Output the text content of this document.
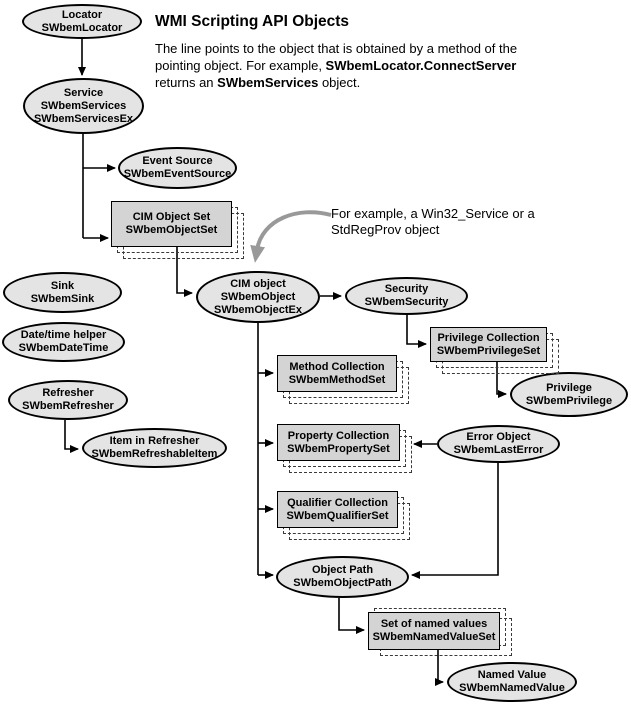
WMI Scripting API Objects
The line points to the object that is obtained by a method of the pointing object. For example, SWbemLocator.ConnectServer returns an SWbemServices object.
For example, a Win32_Service or a
StdRegProv object
Locator
SWbemLocator
Service
SWbemServices
SWbemServicesEx
Event Source
SWbemEventSource
Sink
SWbemSink
CIM object
SWbemObject
SWbemObjectEx
Security
SWbemSecurity
Date/time helper
SWbemDateTime
Refresher
SWbemRefresher
Privilege
SWbemPrivilege
Error Object
SWbemLastError
Item in Refresher
SWbemRefreshableItem
Object Path
SWbemObjectPath
Named Value
SWbemNamedValue
CIM Object Set
SWbemObjectSet
Privilege Collection
SWbemPrivilegeSet
Method Collection
SWbemMethodSet
Property Collection
SWbemPropertySet
Qualifier Collection
SWbemQualifierSet
Set of named values
SWbemNamedValueSet
